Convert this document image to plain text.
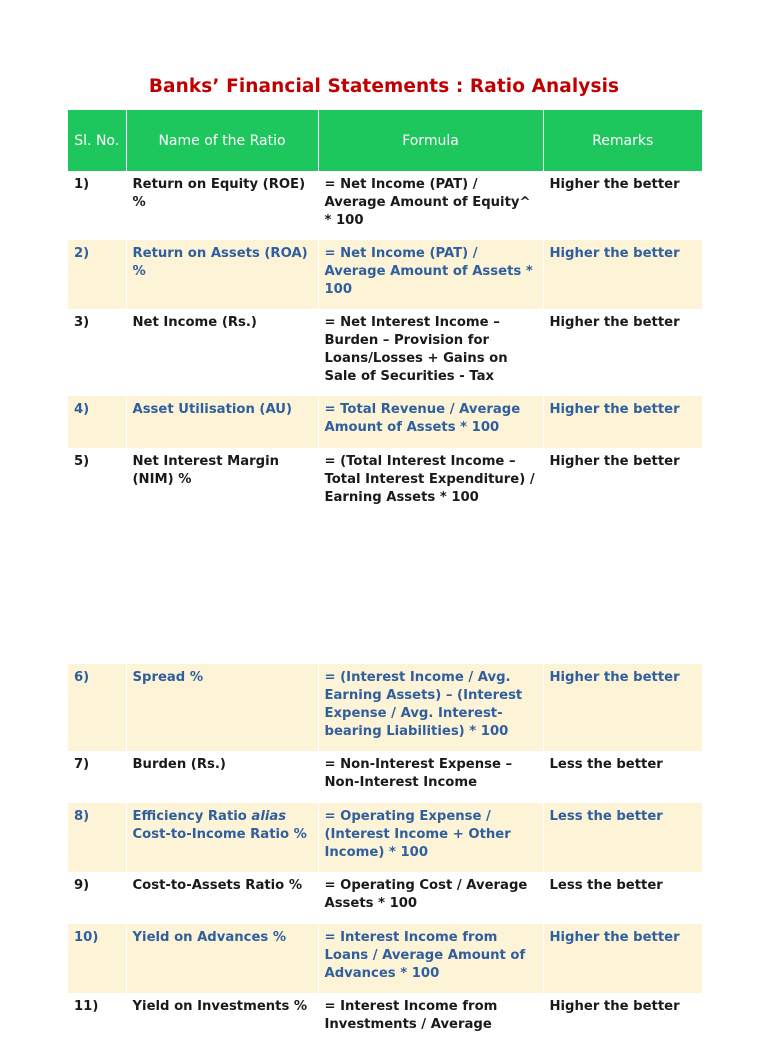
Banks’ Financial Statements : Ratio Analysis
Sl. No.	Name of the Ratio	Formula	Remarks
1)	Return on Equity (ROE) %	= Net Income (PAT) / Average Amount of Equity^ * 100	Higher the better
2)	Return on Assets (ROA) %	= Net Income (PAT) / Average Amount of Assets * 100	Higher the better
3)	Net Income (Rs.)	= Net Interest Income – Burden – Provision for Loans/Losses + Gains on Sale of Securities - Tax	Higher the better
4)	Asset Utilisation (AU)	= Total Revenue / Average Amount of Assets * 100	Higher the better
5)	Net Interest Margin (NIM) %	= (Total Interest Income – Total Interest Expenditure) / Earning Assets * 100	Higher the better
6)	Spread %	= (Interest Income / Avg. Earning Assets) – (Interest Expense / Avg. Interest-bearing Liabilities) * 100	Higher the better
7)	Burden (Rs.)	= Non-Interest Expense – Non-Interest Income	Less the better
8)	Efficiency Ratio alias Cost-to-Income Ratio %	= Operating Expense / (Interest Income + Other Income) * 100	Less the better
9)	Cost-to-Assets Ratio %	= Operating Cost / Average Assets * 100	Less the better
10)	Yield on Advances %	= Interest Income from Loans / Average Amount of Advances * 100	Higher the better
11)	Yield on Investments %	= Interest Income from Investments / Average	Higher the better
